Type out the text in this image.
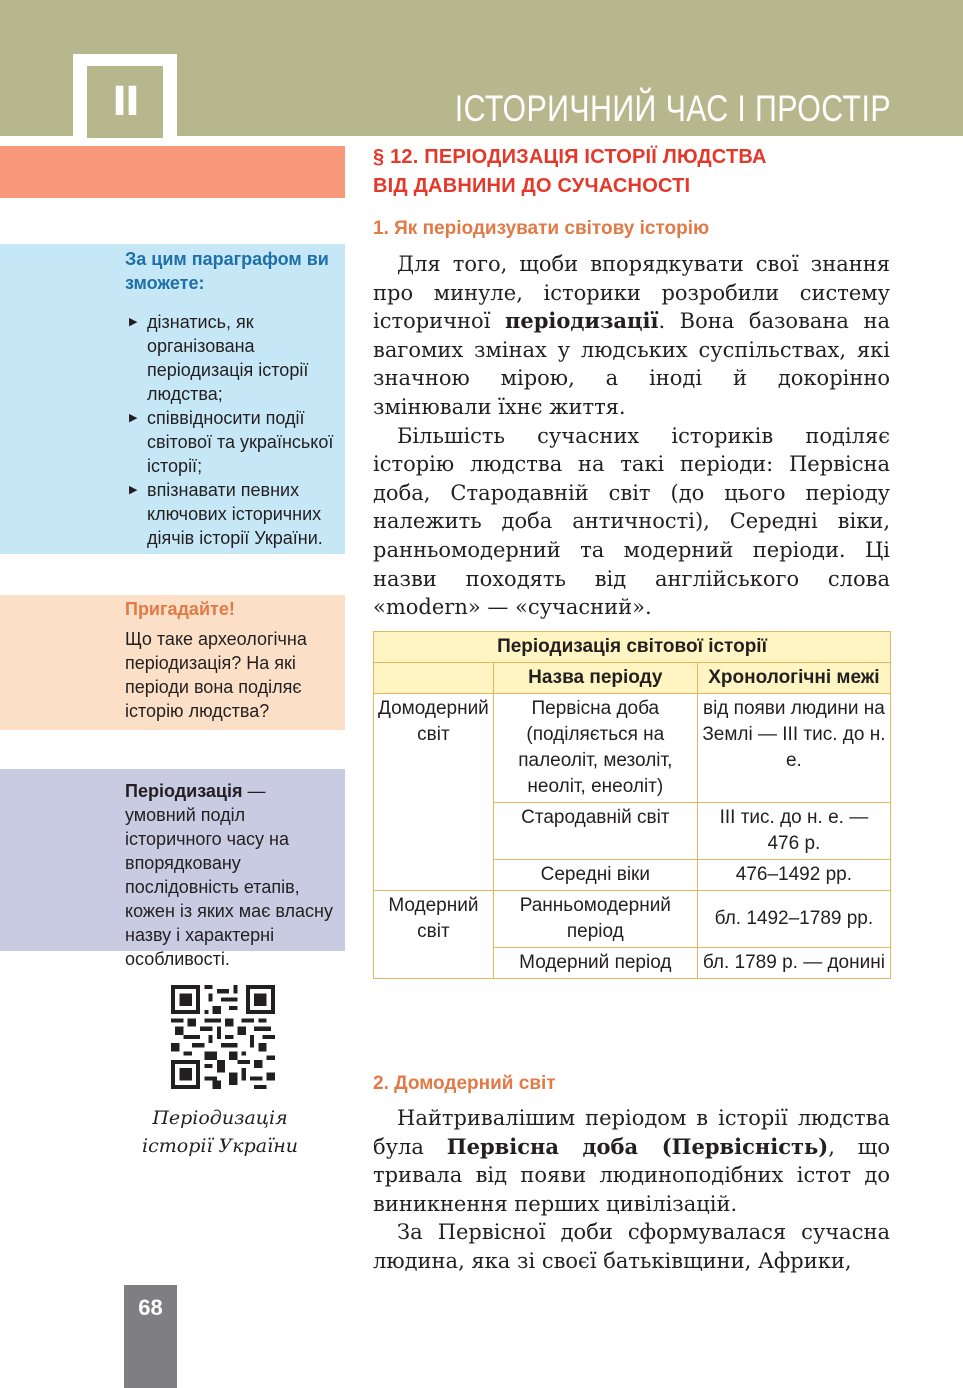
II	ІСТОРИЧНИЙ ЧАС І ПРОСТІР
§ 12. ПЕРІОДИЗАЦІЯ ІСТОРІЇ ЛЮДСТВА
ВІД ДАВНИНИ ДО СУЧАСНОСТІ
1. Як періодизувати світову історію

Для того, щоби впорядкувати свої знання про минуле, історики розробили систему історичної періодизації. Вона базована на вагомих змінах у людських суспільствах, які значною мірою, а іноді й докорінно змінювали їхнє життя.

Більшість сучасних істориків поділяє історію людства на такі періоди: Первісна доба, Стародавній світ (до цього періоду належить доба античності), Середні віки, ранньомодерний та модерний періоди. Ці назви походять від англійського слова «modern» — «сучасний».

Періодизація світової історії		
	Назва періоду	Хронологічні межі
Домодерний світ	Первісна доба (поділяється на палеоліт, мезоліт, неоліт, енеоліт)	від появи людини на Землі — III тис. до н. е.
	Стародавній світ	III тис. до н. е. — 476 р.
	Середні віки	476–1492 рр.
Модерний світ	Ранньомодерний період	бл. 1492–1789 рр.
	Модерний період	бл. 1789 р. — донині
2. Домодерний світ

Найтривалішим періодом в історії людства була Первісна доба (Первісність), що тривала від появи людиноподібних істот до виникнення перших цивілізацій.

За Первісної доби сформувалася сучасна людина, яка зі своєї батьківщини, Африки,

За цим параграфом ви зможете:
▶ дізнатись, як організована періодизація історії людства;
▶ співвідносити події світової та української історії;
▶ впізнавати певних ключових історичних діячів історії України.
Пригадайте!
Що таке археологічна періодизація? На які періоди вона поділяє історію людства?
Періодизація — умовний поділ історичного часу на впорядковану послідовність етапів, кожен із яких має власну назву і характерні особливості.
Періодизація
історії України
68
